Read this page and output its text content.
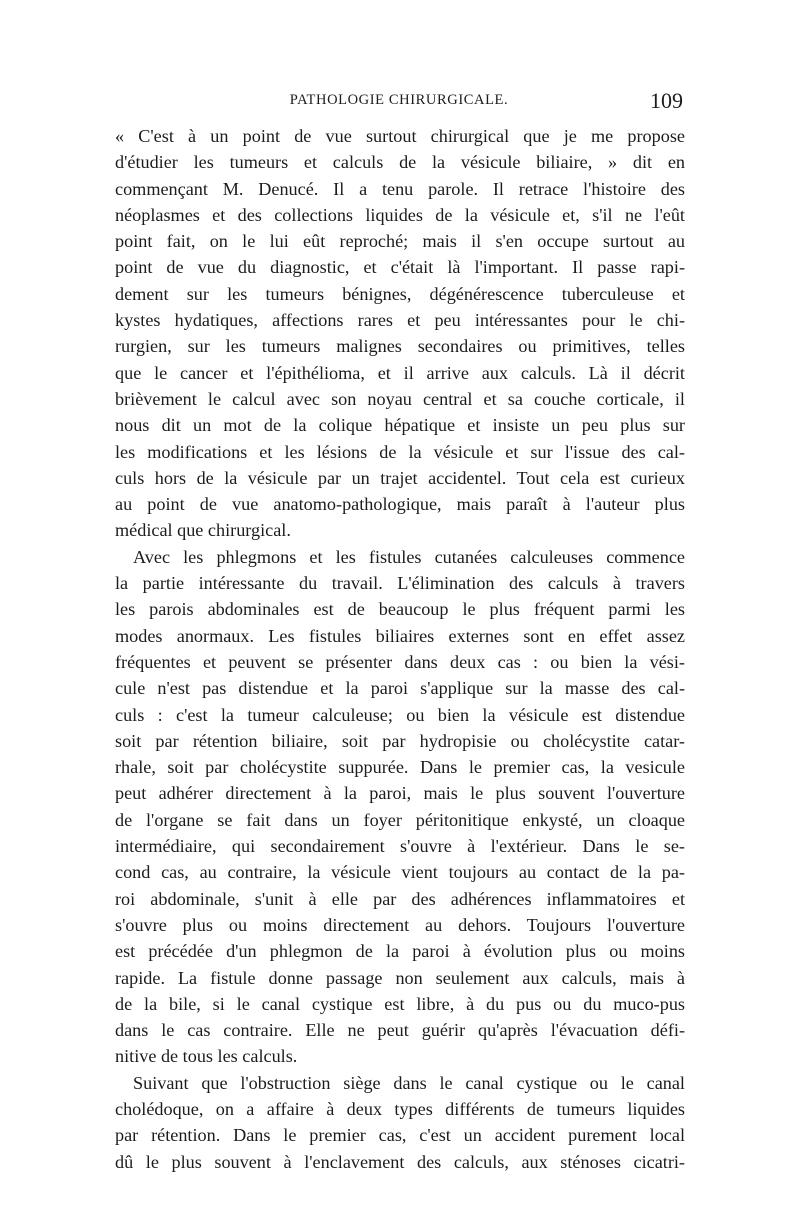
PATHOLOGIE CHIRURGICALE.	109
« C'est à un point de vue surtout chirurgical que je me propose
d'étudier les tumeurs et calculs de la vésicule biliaire, » dit en
commençant M. Denucé. Il a tenu parole. Il retrace l'histoire des
néoplasmes et des collections liquides de la vésicule et, s'il ne l'eût
point fait, on le lui eût reproché; mais il s'en occupe surtout au
point de vue du diagnostic, et c'était là l'important. Il passe rapi-
dement sur les tumeurs bénignes, dégénérescence tuberculeuse et
kystes hydatiques, affections rares et peu intéressantes pour le chi-
rurgien, sur les tumeurs malignes secondaires ou primitives, telles
que le cancer et l'épithélioma, et il arrive aux calculs. Là il décrit
brièvement le calcul avec son noyau central et sa couche corticale, il
nous dit un mot de la colique hépatique et insiste un peu plus sur
les modifications et les lésions de la vésicule et sur l'issue des cal-
culs hors de la vésicule par un trajet accidentel. Tout cela est curieux
au point de vue anatomo-pathologique, mais paraît à l'auteur plus
médical que chirurgical.
Avec les phlegmons et les fistules cutanées calculeuses commence
la partie intéressante du travail. L'élimination des calculs à travers
les parois abdominales est de beaucoup le plus fréquent parmi les
modes anormaux. Les fistules biliaires externes sont en effet assez
fréquentes et peuvent se présenter dans deux cas : ou bien la vési-
cule n'est pas distendue et la paroi s'applique sur la masse des cal-
culs : c'est la tumeur calculeuse; ou bien la vésicule est distendue
soit par rétention biliaire, soit par hydropisie ou cholécystite catar-
rhale, soit par cholécystite suppurée. Dans le premier cas, la vesicule
peut adhérer directement à la paroi, mais le plus souvent l'ouverture
de l'organe se fait dans un foyer péritonitique enkysté, un cloaque
intermédiaire, qui secondairement s'ouvre à l'extérieur. Dans le se-
cond cas, au contraire, la vésicule vient toujours au contact de la pa-
roi abdominale, s'unit à elle par des adhérences inflammatoires et
s'ouvre plus ou moins directement au dehors. Toujours l'ouverture
est précédée d'un phlegmon de la paroi à évolution plus ou moins
rapide. La fistule donne passage non seulement aux calculs, mais à
de la bile, si le canal cystique est libre, à du pus ou du muco-pus
dans le cas contraire. Elle ne peut guérir qu'après l'évacuation défi-
nitive de tous les calculs.
Suivant que l'obstruction siège dans le canal cystique ou le canal
cholédoque, on a affaire à deux types différents de tumeurs liquides
par rétention. Dans le premier cas, c'est un accident purement local
dû le plus souvent à l'enclavement des calculs, aux sténoses cicatri-
